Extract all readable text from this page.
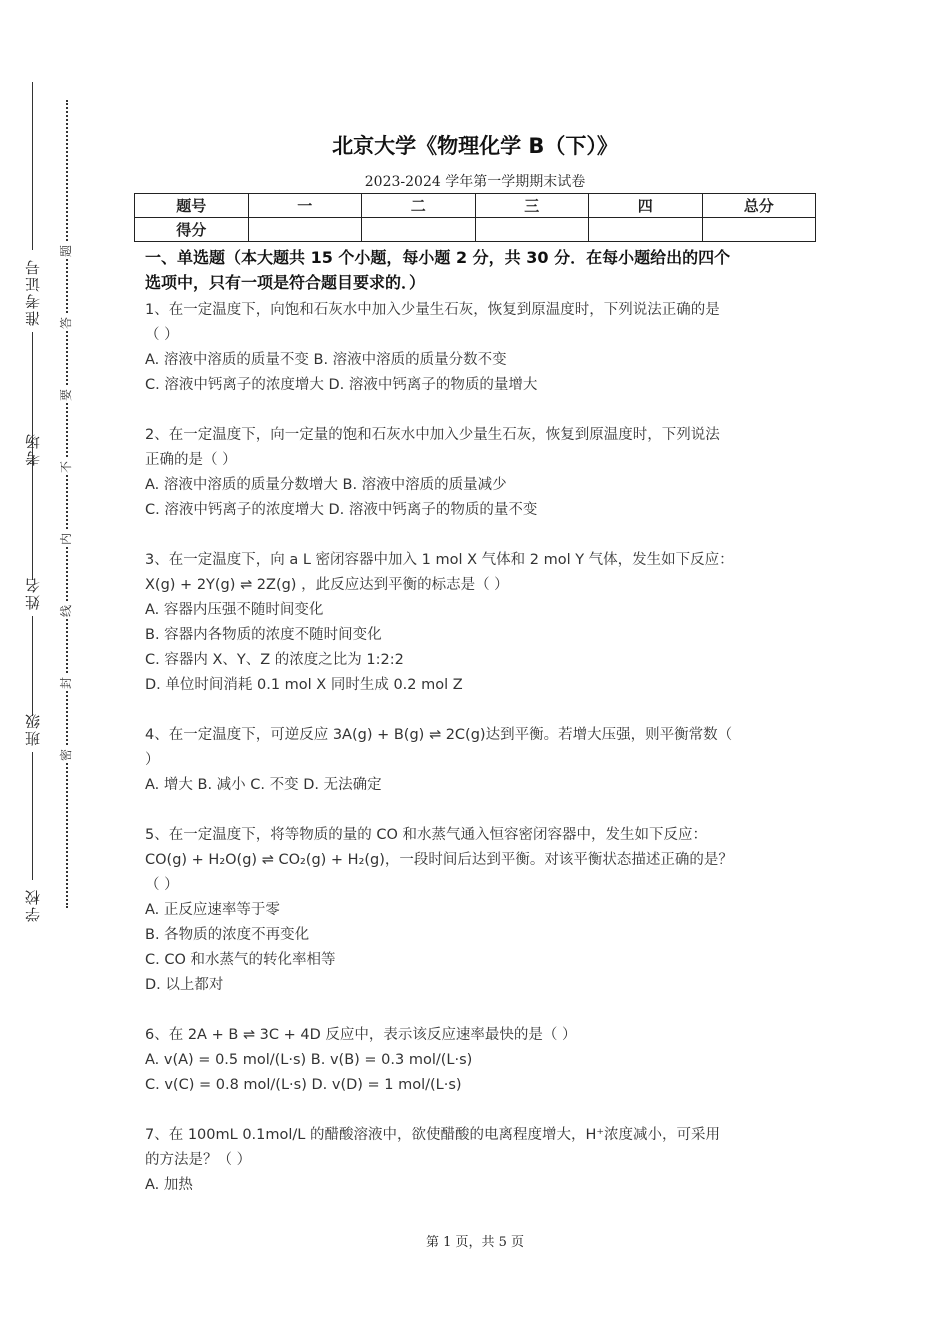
准考证号
考场
姓名
班级
学校
题
答
要
不
内
线
封
密
北京大学《物理化学 B（下）》
2023-2024 学年第一学期期末试卷
题号	一	二	三	四	总分
得分					
一、单选题（本大题共 15 个小题，每小题 2 分，共 30 分．在每小题给出的四个
选项中，只有一项是符合题目要求的．）
1、在一定温度下，向饱和石灰水中加入少量生石灰，恢复到原温度时，下列说法正确的是
（ ）
A. 溶液中溶质的质量不变 B. 溶液中溶质的质量分数不变
C. 溶液中钙离子的浓度增大 D. 溶液中钙离子的物质的量增大
2、在一定温度下，向一定量的饱和石灰水中加入少量生石灰，恢复到原温度时，下列说法
正确的是（ ）
A. 溶液中溶质的质量分数增大 B. 溶液中溶质的质量减少
C. 溶液中钙离子的浓度增大 D. 溶液中钙离子的物质的量不变
3、在一定温度下，向 a L 密闭容器中加入 1 mol X 气体和 2 mol Y 气体，发生如下反应：
X(g) + 2Y(g) ⇌ 2Z(g) ，此反应达到平衡的标志是（ ）
A. 容器内压强不随时间变化
B. 容器内各物质的浓度不随时间变化
C. 容器内 X、Y、Z 的浓度之比为 1:2:2
D. 单位时间消耗 0.1 mol X 同时生成 0.2 mol Z
4、在一定温度下，可逆反应 3A(g) + B(g) ⇌ 2C(g)达到平衡。若增大压强，则平衡常数（
）
A. 增大 B. 减小 C. 不变 D. 无法确定
5、在一定温度下，将等物质的量的 CO 和水蒸气通入恒容密闭容器中，发生如下反应：
CO(g) + H₂O(g) ⇌ CO₂(g) + H₂(g)，一段时间后达到平衡。对该平衡状态描述正确的是？
（ ）
A. 正反应速率等于零
B. 各物质的浓度不再变化
C. CO 和水蒸气的转化率相等
D. 以上都对
6、在 2A + B ⇌ 3C + 4D 反应中，表示该反应速率最快的是（ ）
A. v(A) = 0.5 mol/(L·s) B. v(B) = 0.3 mol/(L·s)
C. v(C) = 0.8 mol/(L·s) D. v(D) = 1 mol/(L·s)
7、在 100mL 0.1mol/L 的醋酸溶液中，欲使醋酸的电离程度增大，H⁺浓度减小，可采用
的方法是？（ ）
A. 加热
第 1 页，共 5 页
